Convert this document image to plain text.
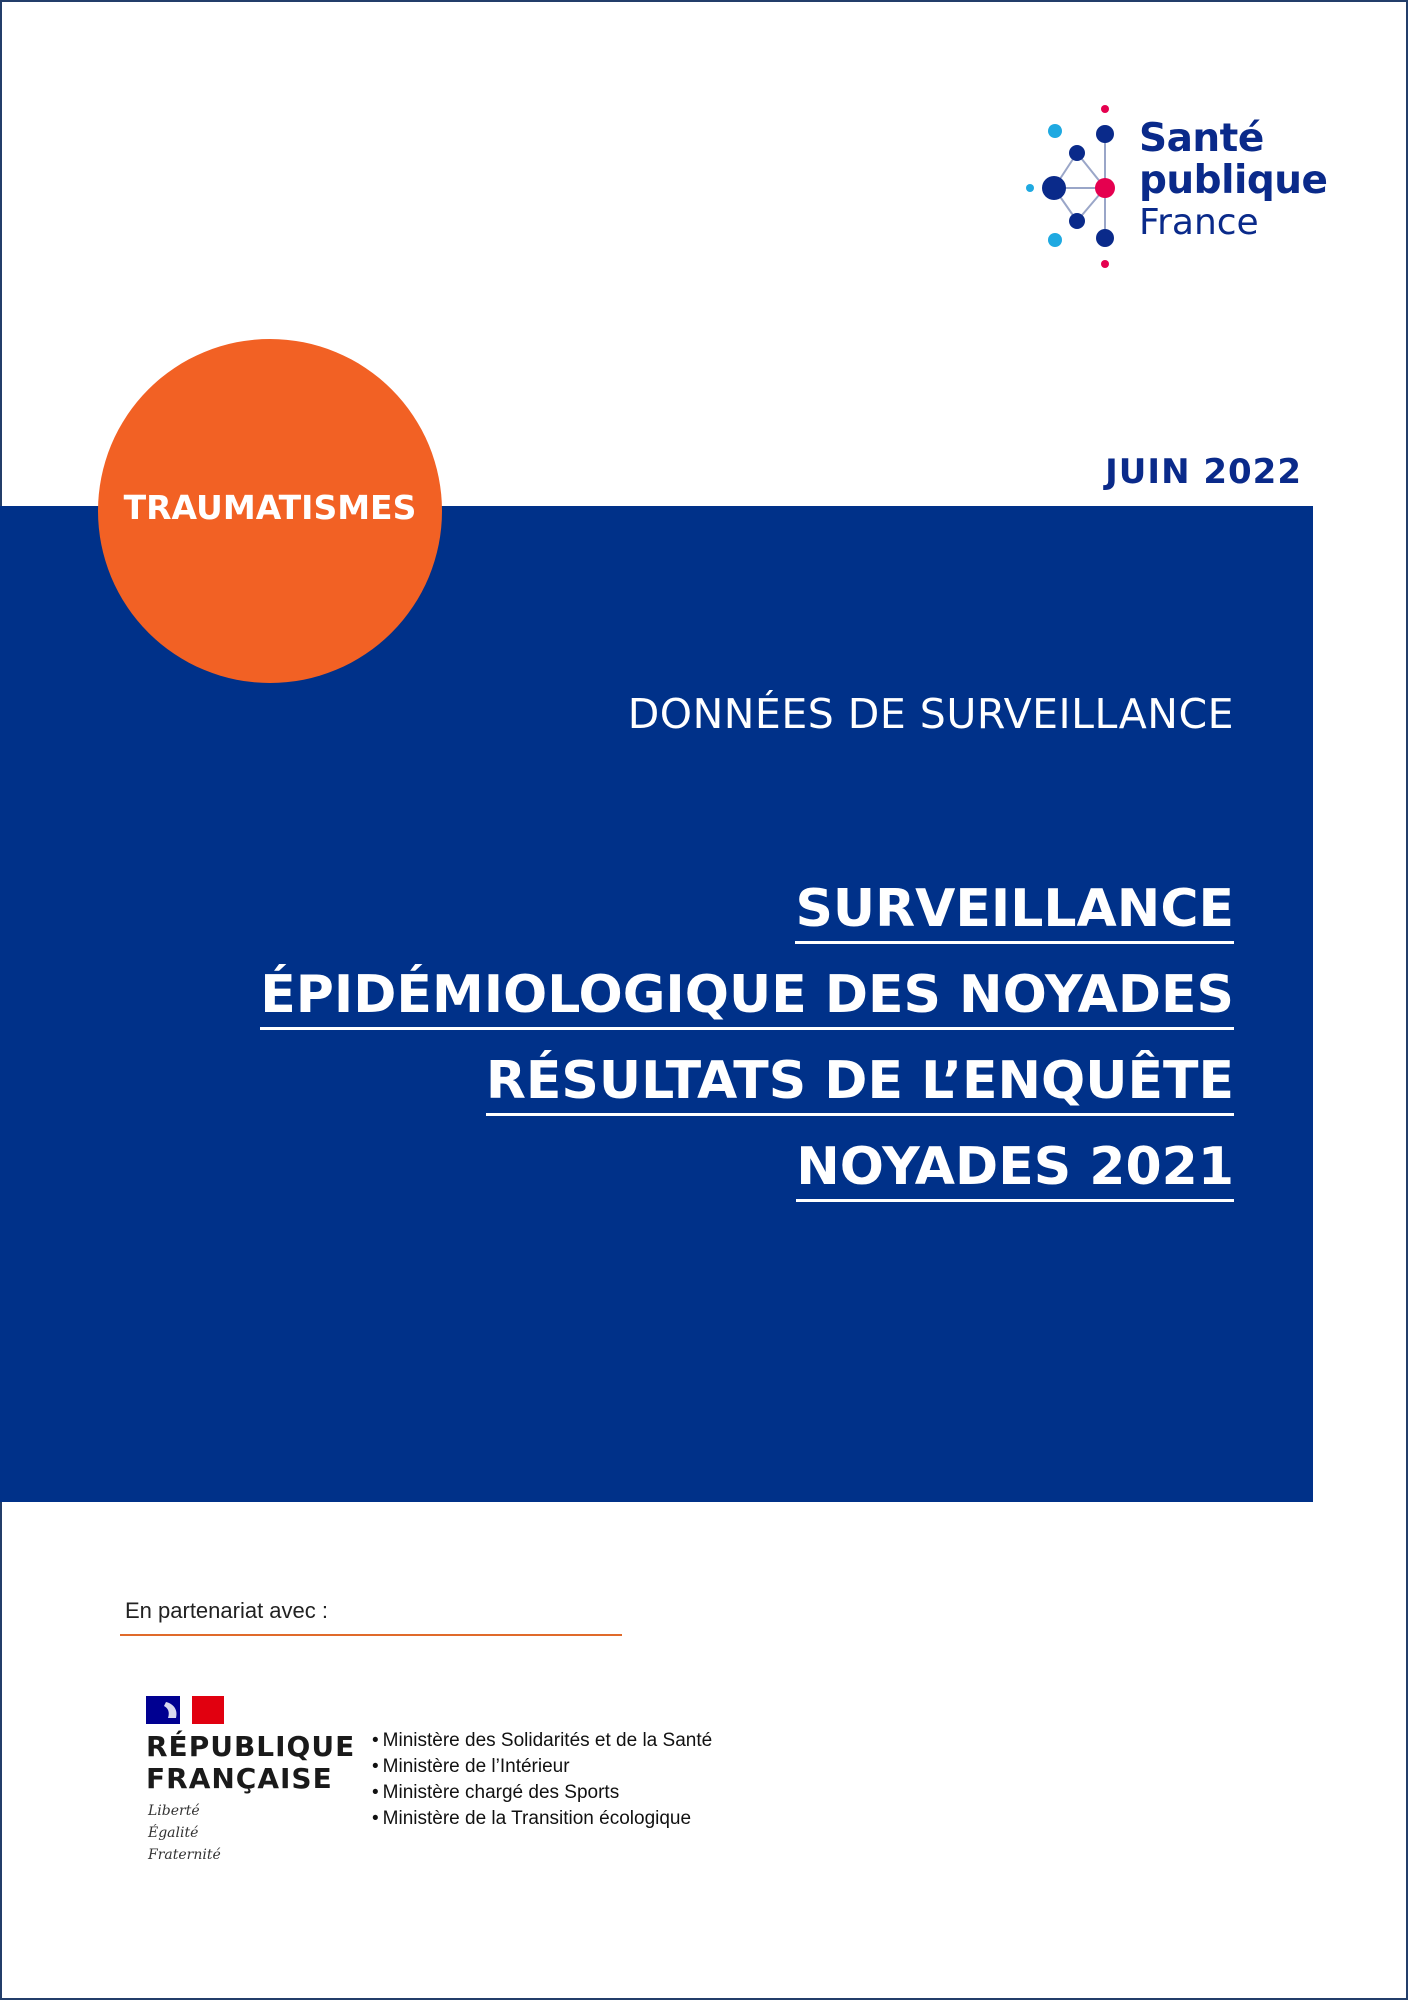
Santé
publique
France
JUIN 2022
TRAUMATISMES
DONNÉES DE SURVEILLANCE
SURVEILLANCE
ÉPIDÉMIOLOGIQUE DES NOYADES
RÉSULTATS DE L’ENQUÊTE
NOYADES 2021
En partenariat avec :
RÉPUBLIQUE
FRANÇAISE
Liberté
Égalité
Fraternité
• Ministère des Solidarités et de la Santé
• Ministère de l’Intérieur
• Ministère chargé des Sports
• Ministère de la Transition écologique
